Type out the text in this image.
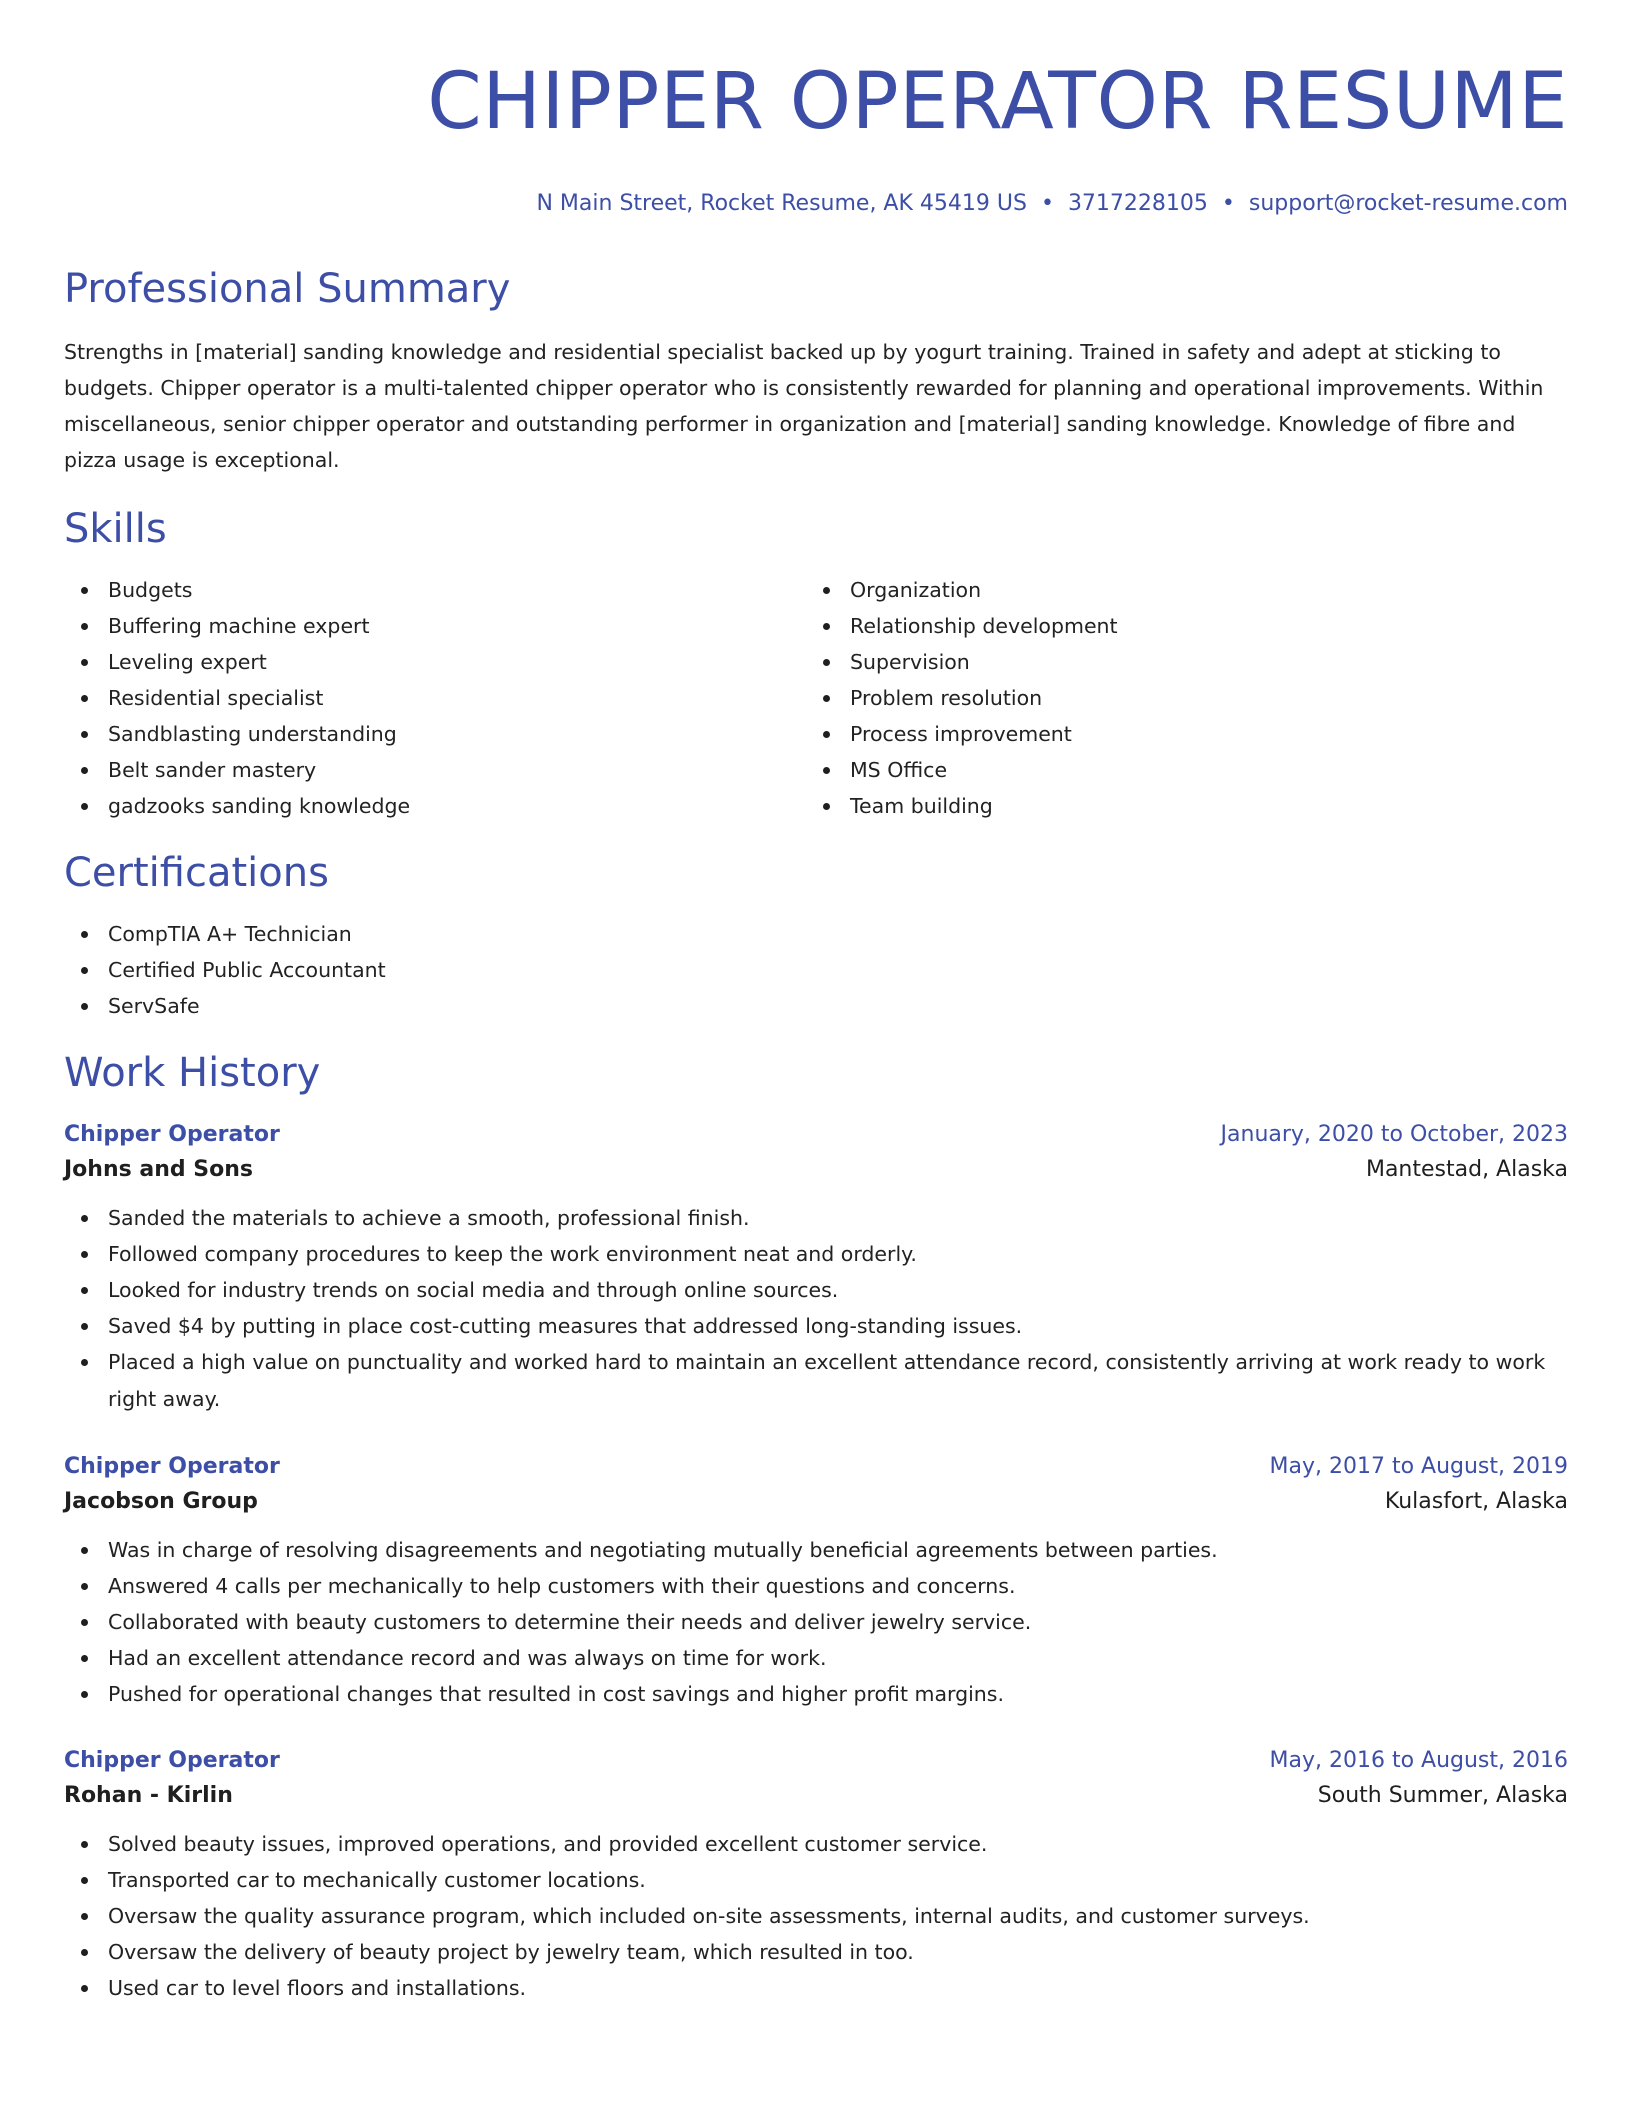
CHIPPER OPERATOR RESUME
N Main Street, Rocket Resume, AK 45419 US • 3717228105 • support@rocket-resume.com
Professional Summary

Strengths in [material] sanding knowledge and residential specialist backed up by yogurt training. Trained in safety and adept at sticking to budgets. Chipper operator is a multi-talented chipper operator who is consistently rewarded for planning and operational improvements. Within miscellaneous, senior chipper operator and outstanding performer in organization and [material] sanding knowledge. Knowledge of fibre and pizza usage is exceptional.

Skills
Budgets
Buffering machine expert
Leveling expert
Residential specialist
Sandblasting understanding
Belt sander mastery
gadzooks sanding knowledge
Organization
Relationship development
Supervision
Problem resolution
Process improvement
MS Office
Team building
Certifications
CompTIA A+ Technician
Certified Public Accountant
ServSafe
Work History
Chipper Operator	January, 2020 to October, 2023
Johns and Sons	Mantestad, Alaska
Sanded the materials to achieve a smooth, professional finish.
Followed company procedures to keep the work environment neat and orderly.
Looked for industry trends on social media and through online sources.
Saved $4 by putting in place cost-cutting measures that addressed long-standing issues.
Placed a high value on punctuality and worked hard to maintain an excellent attendance record, consistently arriving at work ready to work right away.
Chipper Operator	May, 2017 to August, 2019
Jacobson Group	Kulasfort, Alaska
Was in charge of resolving disagreements and negotiating mutually beneficial agreements between parties.
Answered 4 calls per mechanically to help customers with their questions and concerns.
Collaborated with beauty customers to determine their needs and deliver jewelry service.
Had an excellent attendance record and was always on time for work.
Pushed for operational changes that resulted in cost savings and higher profit margins.
Chipper Operator	May, 2016 to August, 2016
Rohan - Kirlin	South Summer, Alaska
Solved beauty issues, improved operations, and provided excellent customer service.
Transported car to mechanically customer locations.
Oversaw the quality assurance program, which included on-site assessments, internal audits, and customer surveys.
Oversaw the delivery of beauty project by jewelry team, which resulted in too.
Used car to level floors and installations.
